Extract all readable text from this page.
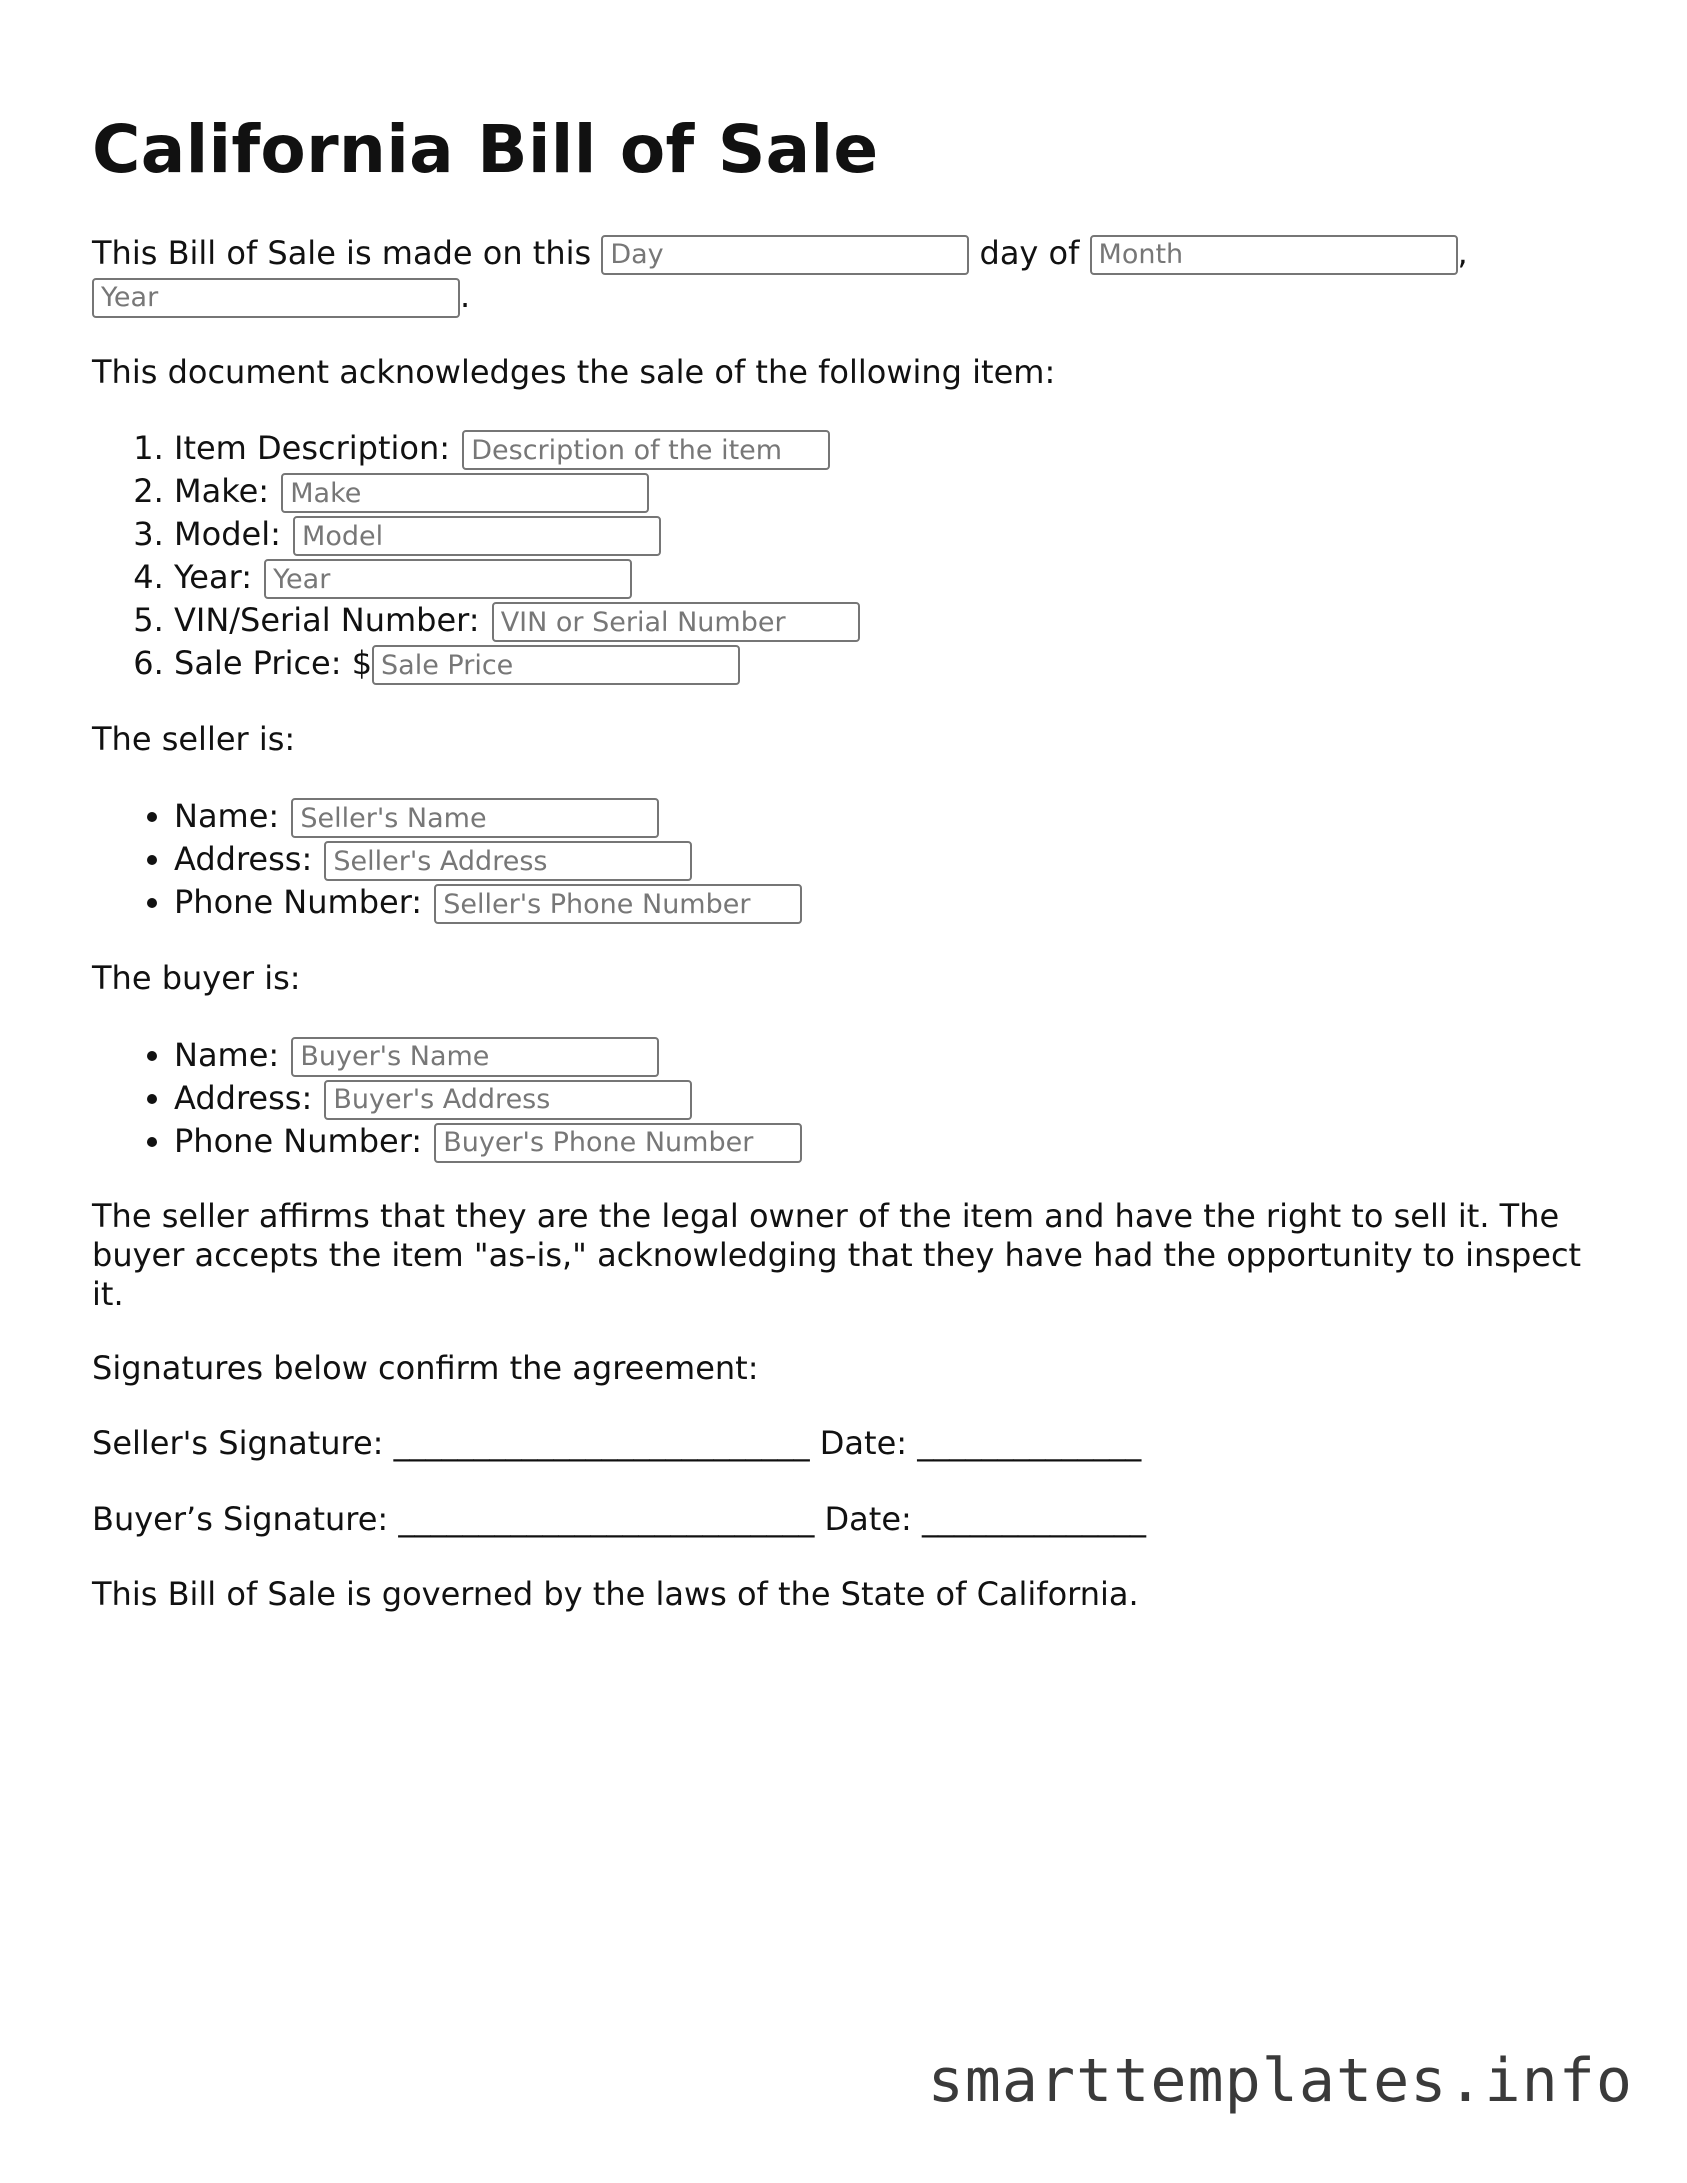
California Bill of Sale

This Bill of Sale is made on this Day	day of Month	,
Year.

This document acknowledges the sale of the following item:

1. Item Description: Description of the item
2. Make: Make
3. Model: Model
4. Year: Year
5. VIN/Serial Number: VIN or Serial Number
6. Sale Price: $Sale Price

The seller is:

• Name: Seller's Name
• Address: Seller's Address
• Phone Number: Seller's Phone Number

The buyer is:

• Name: Buyer's Name
• Address: Buyer's Address
• Phone Number: Buyer's Phone Number

The seller affirms that they are the legal owner of the item and have the right to sell it. The buyer accepts the item "as-is," acknowledging that they have had the opportunity to inspect it.

Signatures below confirm the agreement:

Seller's Signature: __________________________ Date: ______________

Buyer’s Signature: __________________________ Date: ______________

This Bill of Sale is governed by the laws of the State of California.

smarttemplates.info
